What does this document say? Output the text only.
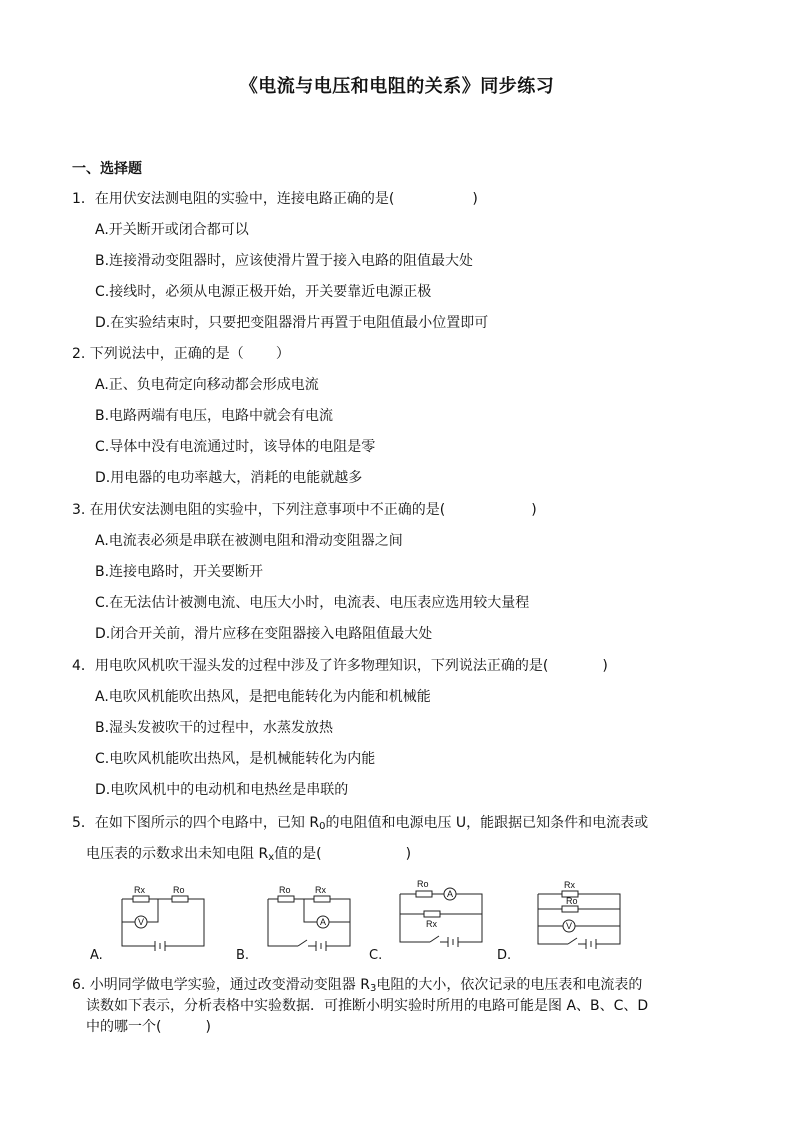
《电流与电压和电阻的关系》同步练习
一、选择题
1．在用伏安法测电阻的实验中，连接电路正确的是(	)
A.开关断开或闭合都可以
B.连接滑动变阻器时，应该使滑片置于接入电路的阻值最大处
C.接线时，必须从电源正极开始，开关要靠近电源正极
D.在实验结束时，只要把变阻器滑片再置于电阻值最小位置即可
2. 下列说法中，正确的是（ ）
A.正、负电荷定向移动都会形成电流
B.电路两端有电压，电路中就会有电流
C.导体中没有电流通过时，该导体的电阻是零
D.用电器的电功率越大，消耗的电能就越多
3. 在用伏安法测电阻的实验中，下列注意事项中不正确的是(	)
A.电流表必须是串联在被测电阻和滑动变阻器之间
B.连接电路时，开关要断开
C.在无法估计被测电流、电压大小时，电流表、电压表应选用较大量程
D.闭合开关前，滑片应移在变阻器接入电路阻值最大处
4．用电吹风机吹干湿头发的过程中涉及了许多物理知识，下列说法正确的是(	)
A.电吹风机能吹出热风，是把电能转化为内能和机械能
B.湿头发被吹干的过程中，水蒸发放热
C.电吹风机能吹出热风，是机械能转化为内能
D.电吹风机中的电动机和电热丝是串联的
5．在如下图所示的四个电路中，已知 $R_0$的电阻值和电源电压 U，能跟据已知条件和电流表或
电压表的示数求出未知电阻 $R_x$值的是(	)
A.
Rx	Ro
V
B.
Ro	Rx
A
C.
Ro
A
Rx
D.
Rx
Ro
V
6. 小明同学做电学实验，通过改变滑动变阻器 $R_3$电阻的大小，依次记录的电压表和电流表的
读数如下表示，分析表格中实验数据．可推断小明实验时所用的电路可能是图 A、B、C、D
中的哪一个(	)
